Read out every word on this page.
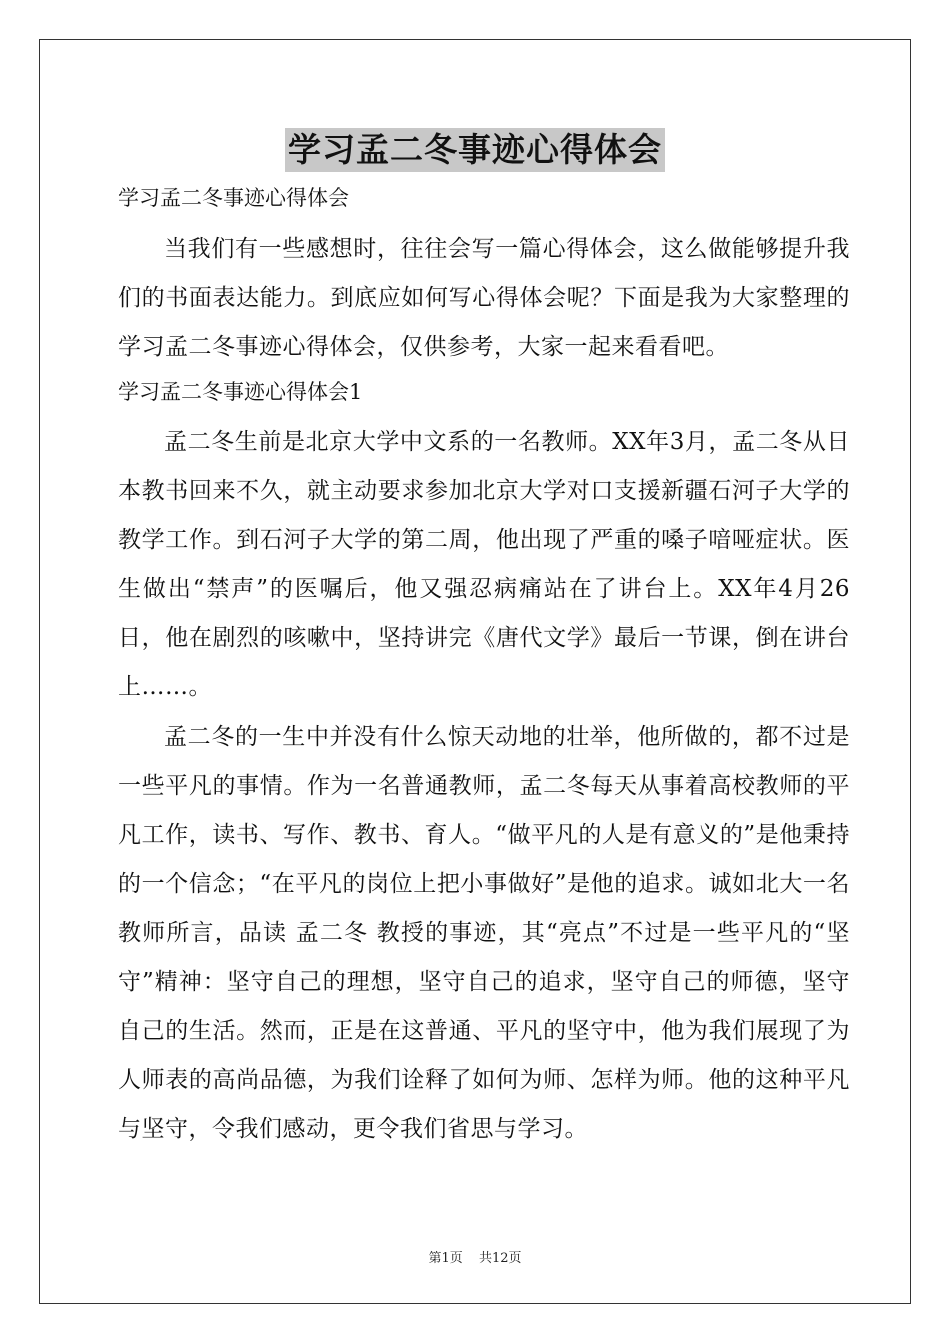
学习孟二冬事迹心得体会

学习孟二冬事迹心得体会

当我们有一些感想时，往往会写一篇心得体会，这么做能够提升我们的书面表达能力。到底应如何写心得体会呢？下面是我为大家整理的学习孟二冬事迹心得体会，仅供参考，大家一起来看看吧。

学习孟二冬事迹心得体会1

孟二冬生前是北京大学中文系的一名教师。XX年3月，孟二冬从日本教书回来不久，就主动要求参加北京大学对口支援新疆石河子大学的教学工作。到石河子大学的第二周，他出现了严重的嗓子喑哑症状。医生做出“禁声”的医嘱后，他又强忍病痛站在了讲台上。XX年4月26日，他在剧烈的咳嗽中，坚持讲完《唐代文学》最后一节课，倒在讲台上……。

孟二冬的一生中并没有什么惊天动地的壮举，他所做的，都不过是一些平凡的事情。作为一名普通教师，孟二冬每天从事着高校教师的平凡工作，读书、写作、教书、育人。“做平凡的人是有意义的”是他秉持的一个信念；“在平凡的岗位上把小事做好”是他的追求。诚如北大一名教师所言，品读 孟二冬 教授的事迹，其“亮点”不过是一些平凡的“坚守”精神：坚守自己的理想，坚守自己的追求，坚守自己的师德，坚守自己的生活。然而，正是在这普通、平凡的坚守中，他为我们展现了为人师表的高尚品德，为我们诠释了如何为师、怎样为师。他的这种平凡与坚守，令我们感动，更令我们省思与学习。

第1页 共12页
